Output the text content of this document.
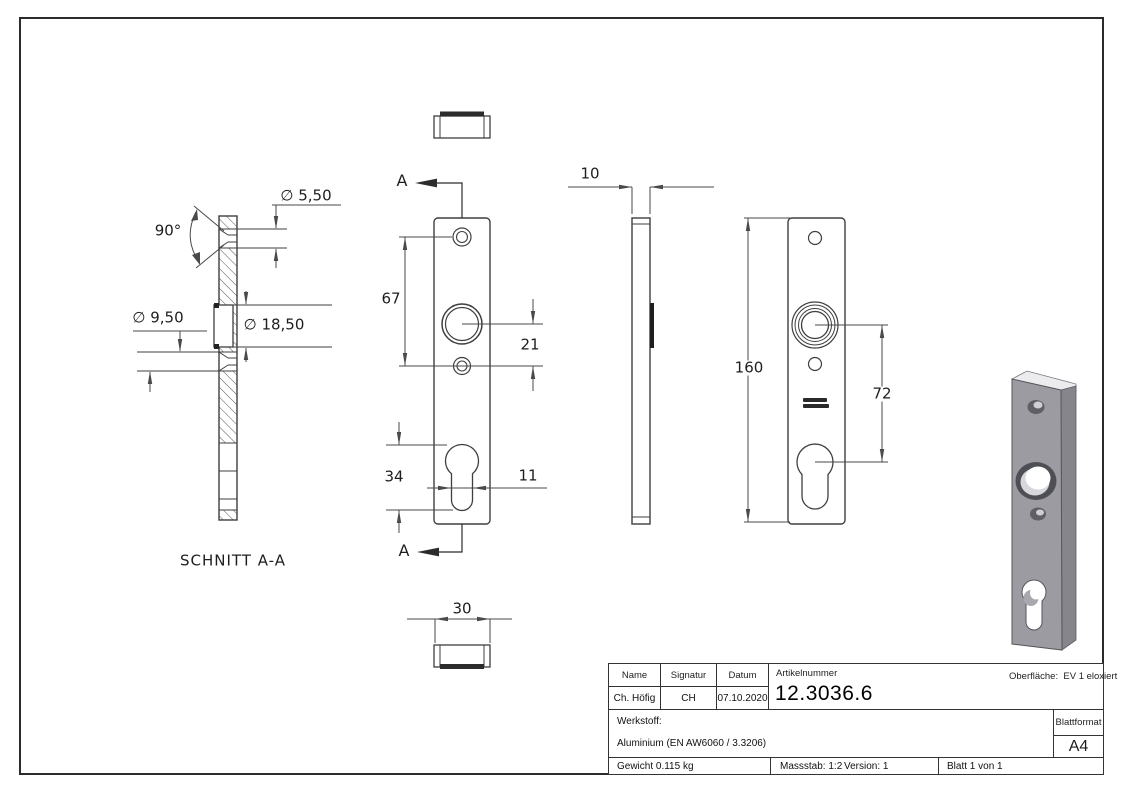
∅ 5,50
90°
∅ 9,50	∅ 18,50
67
21
34	11
10
160
72
30
A
A
SCHNITT A-A
Name	Signatur	Datum
Ch. Höfig	CH	07.10.2020
Artikelnummer
12.3036.6
Oberfläche:  EV 1 eloxiert
Werkstoff:
Aluminium (EN AW6060 / 3.3206)
Blattformat
A4
Gewicht 0.115 kg	Massstab: 1:2 Version: 1	Blatt 1 von 1
